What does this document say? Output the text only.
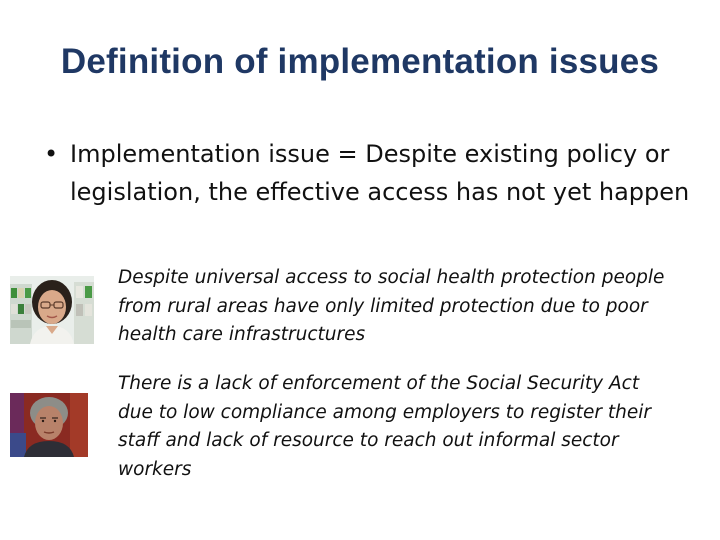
Definition of implementation issues
• Implementation issue = Despite existing policy or legislation, the effective access has not yet happen
Despite universal access to social health protection people from rural areas have only limited protection due to poor health care infrastructures
There is a lack of enforcement of the Social Security Act due to low compliance among employers to register their staff and lack of resource to reach out informal sector workers
